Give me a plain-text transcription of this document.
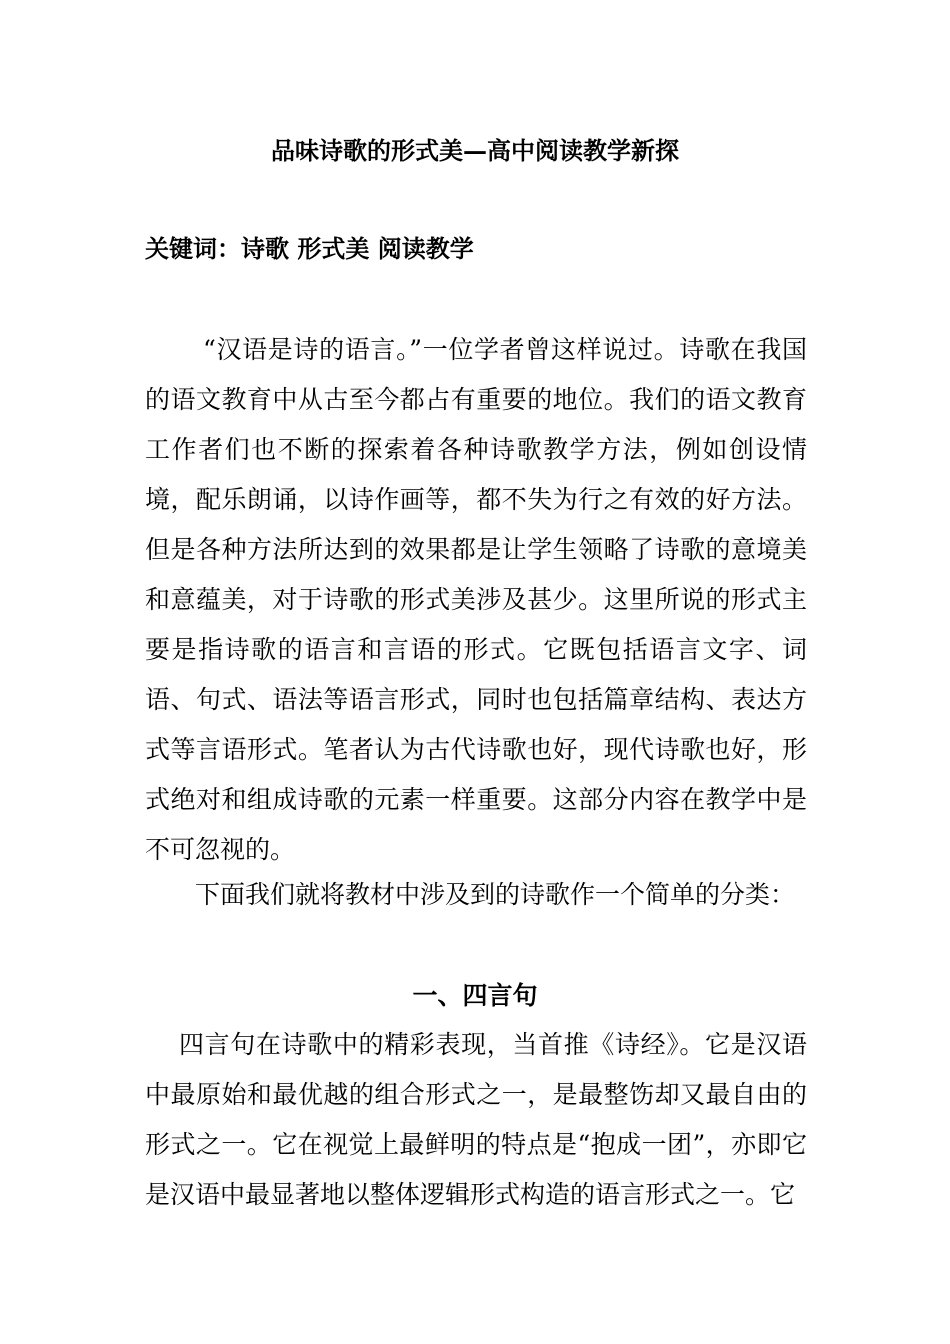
品味诗歌的形式美—高中阅读教学新探
关键词：诗歌 形式美 阅读教学
“汉语是诗的语言。”一位学者曾这样说过。诗歌在我国的语文教育中从古至今都占有重要的地位。我们的语文教育工作者们也不断的探索着各种诗歌教学方法，例如创设情境，配乐朗诵，以诗作画等，都不失为行之有效的好方法。但是各种方法所达到的效果都是让学生领略了诗歌的意境美和意蕴美，对于诗歌的形式美涉及甚少。这里所说的形式主要是指诗歌的语言和言语的形式。它既包括语言文字、词语、句式、语法等语言形式，同时也包括篇章结构、表达方式等言语形式。笔者认为古代诗歌也好，现代诗歌也好，形式绝对和组成诗歌的元素一样重要。这部分内容在教学中是不可忽视的。
下面我们就将教材中涉及到的诗歌作一个简单的分类：
一、四言句
四言句在诗歌中的精彩表现，当首推《诗经》。它是汉语中最原始和最优越的组合形式之一，是最整饬却又最自由的形式之一。它在视觉上最鲜明的特点是“抱成一团”，亦即它是汉语中最显著地以整体逻辑形式构造的语言形式之一。它
